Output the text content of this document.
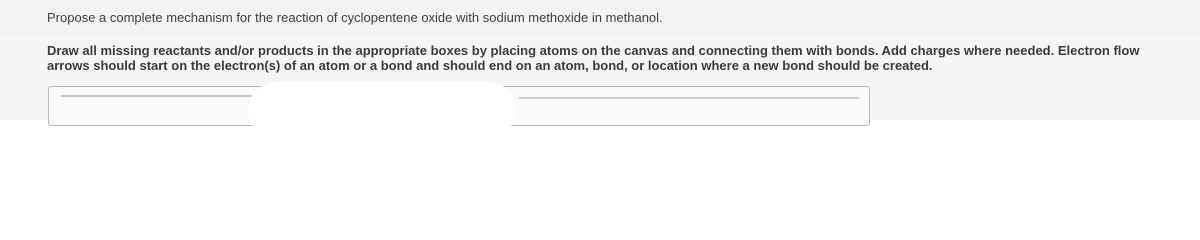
Propose a complete mechanism for the reaction of cyclopentene oxide with sodium methoxide in methanol.
Draw all missing reactants and/or products in the appropriate boxes by placing atoms on the canvas and connecting them with bonds. Add charges where needed. Electron flow
arrows should start on the electron(s) of an atom or a bond and should end on an atom, bond, or location where a new bond should be created.
